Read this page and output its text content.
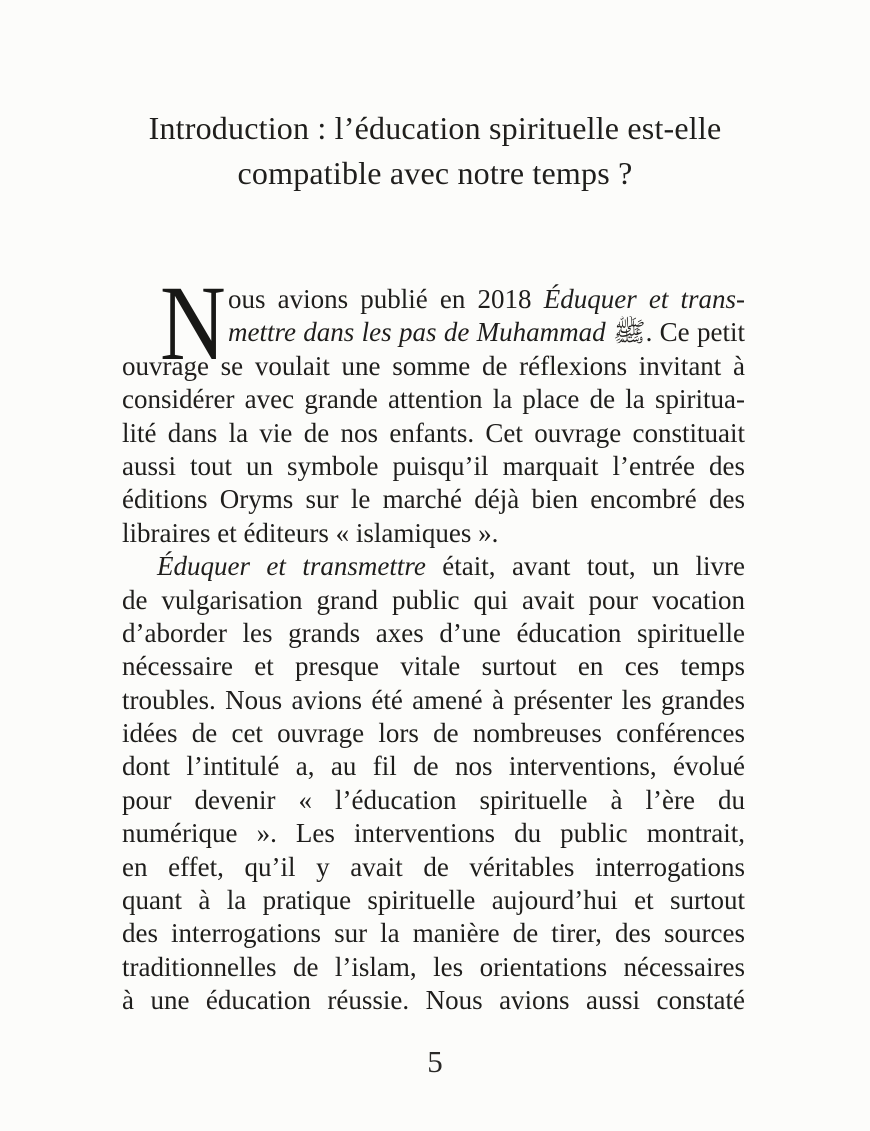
Introduction : l’éducation spirituelle est-elle
compatible avec notre temps ?
N ous avions publié en 2018 Éduquer et trans-
mettre dans les pas de Muhammad ﷺ. Ce petit
ouvrage se voulait une somme de réflexions invitant à
considérer avec grande attention la place de la spiritua-
lité dans la vie de nos enfants. Cet ouvrage constituait
aussi tout un symbole puisqu’il marquait l’entrée des
éditions Oryms sur le marché déjà bien encombré des
libraires et éditeurs « islamiques ».
Éduquer et transmettre était, avant tout, un livre
de vulgarisation grand public qui avait pour vocation
d’aborder les grands axes d’une éducation spirituelle
nécessaire et presque vitale surtout en ces temps
troubles. Nous avions été amené à présenter les grandes
idées de cet ouvrage lors de nombreuses conférences
dont l’intitulé a, au fil de nos interventions, évolué
pour devenir « l’éducation spirituelle à l’ère du
numérique ». Les interventions du public montrait,
en effet, qu’il y avait de véritables interrogations
quant à la pratique spirituelle aujourd’hui et surtout
des interrogations sur la manière de tirer, des sources
traditionnelles de l’islam, les orientations nécessaires
à une éducation réussie. Nous avions aussi constaté
5
